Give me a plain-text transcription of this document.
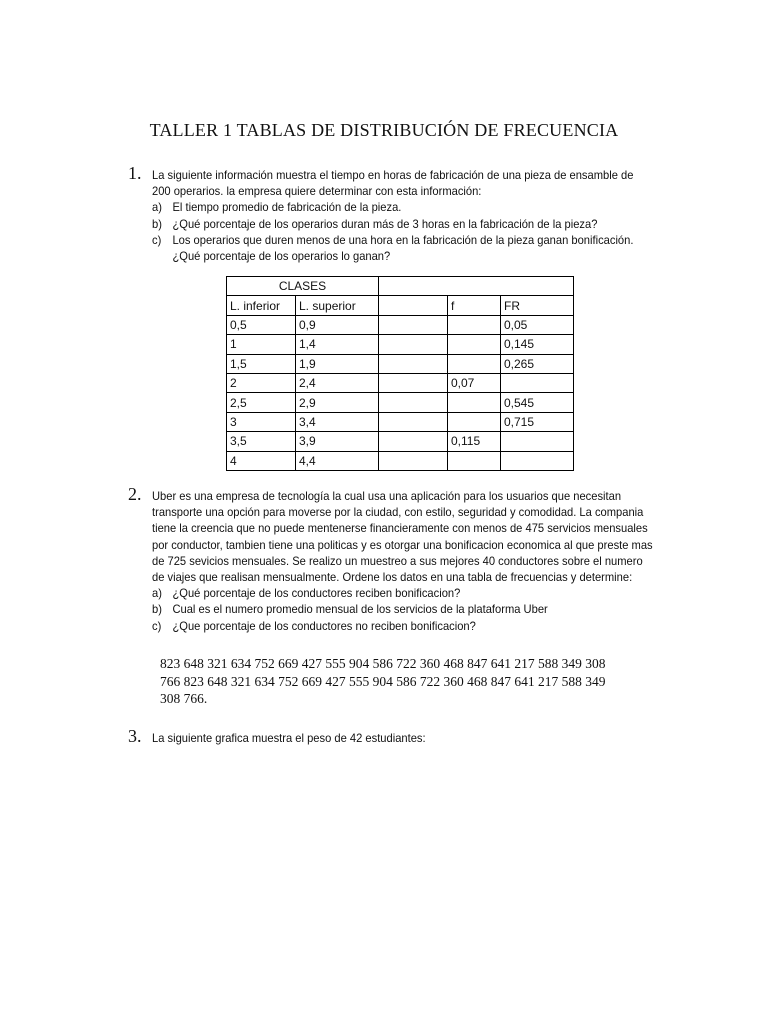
TALLER 1 TABLAS DE DISTRIBUCIÓN DE FRECUENCIA
1. La siguiente información muestra el tiempo en horas de fabricación de una pieza de ensamble de

200 operarios. la empresa quiere determinar con esta información:

a) El tiempo promedio de fabricación de la pieza.
b) ¿Qué porcentaje de los operarios duran más de 3 horas en la fabricación de la pieza?
c) Los operarios que duren menos de una hora en la fabricación de la pieza ganan bonificación.

¿Qué porcentaje de los operarios lo ganan?

CLASES				
L. inferior	L. superior		f	FR
0,5	0,9			0,05
1	1,4			0,145
1,5	1,9			0,265
2	2,4		0,07	
2,5	2,9			0,545
3	3,4			0,715
3,5	3,9		0,115	
4	4,4			
2. Uber es una empresa de tecnología la cual usa una aplicación para los usuarios que necesitan

transporte una opción para moverse por la ciudad, con estilo, seguridad y comodidad. La compania

tiene la creencia que no puede mentenerse financieramente con menos de 475 servicios mensuales

por conductor, tambien tiene una politicas y es otorgar una bonificacion economica al que preste mas

de 725 sevicios mensuales. Se realizo un muestreo a sus mejores 40 conductores sobre el numero

de viajes que realisan mensualmente. Ordene los datos en una tabla de frecuencias y determine:

a) ¿Qué porcentaje de los conductores reciben bonificacion?
b) Cual es el numero promedio mensual de los servicios de la plataforma Uber
c) ¿Que porcentaje de los conductores no reciben bonificacion?

823 648 321 634 752 669 427 555 904 586 722 360 468 847 641 217 588 349 308

766 823 648 321 634 752 669 427 555 904 586 722 360 468 847 641 217 588 349

308 766.

3. La siguiente grafica muestra el peso de 42 estudiantes:
